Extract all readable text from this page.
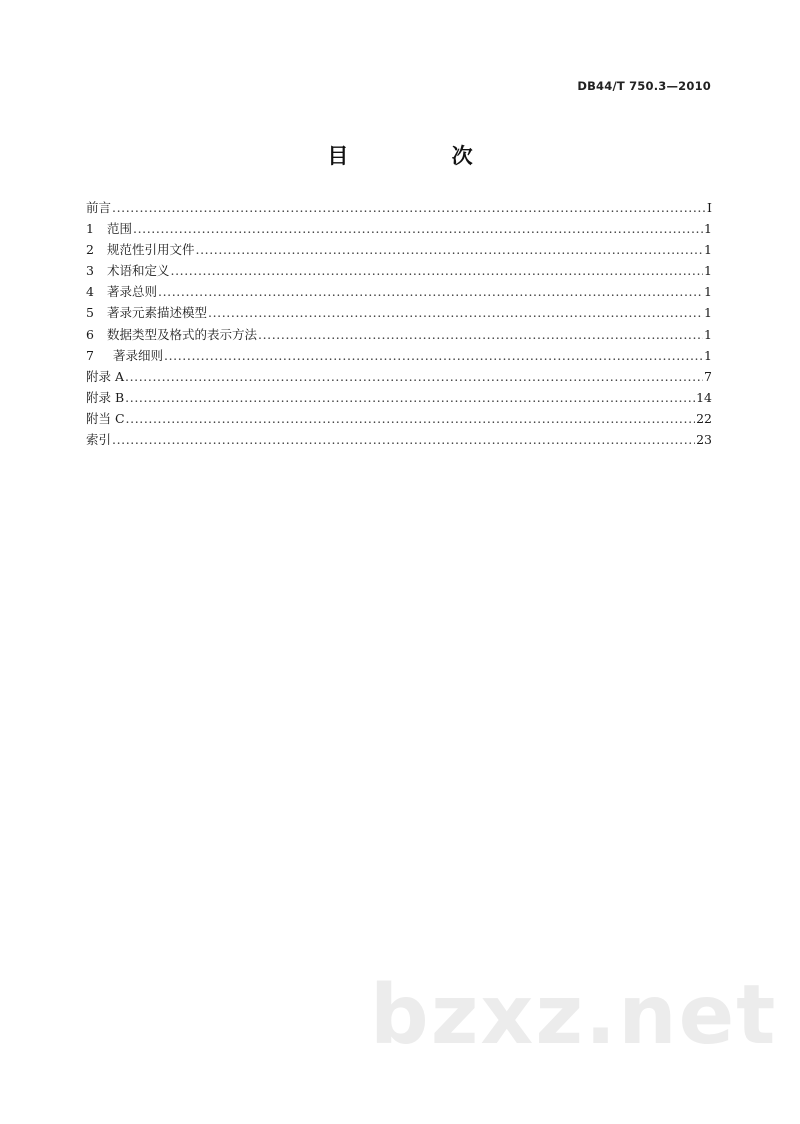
DB44/T 750.3—2010
目 次
前言 .....	I
1	范围 .....	1
2	规范性引用文件 .....	1
3	术语和定义 .....	1
4	著录总则 .....	1
5	著录元素描述模型 .....	1
6	数据类型及格式的表示方法 .....	1
7	著录细则 .....	1
附录 A .....	7
附录 B .....	14
附当 C .....	22
索引 .....	23
bzxz.net
